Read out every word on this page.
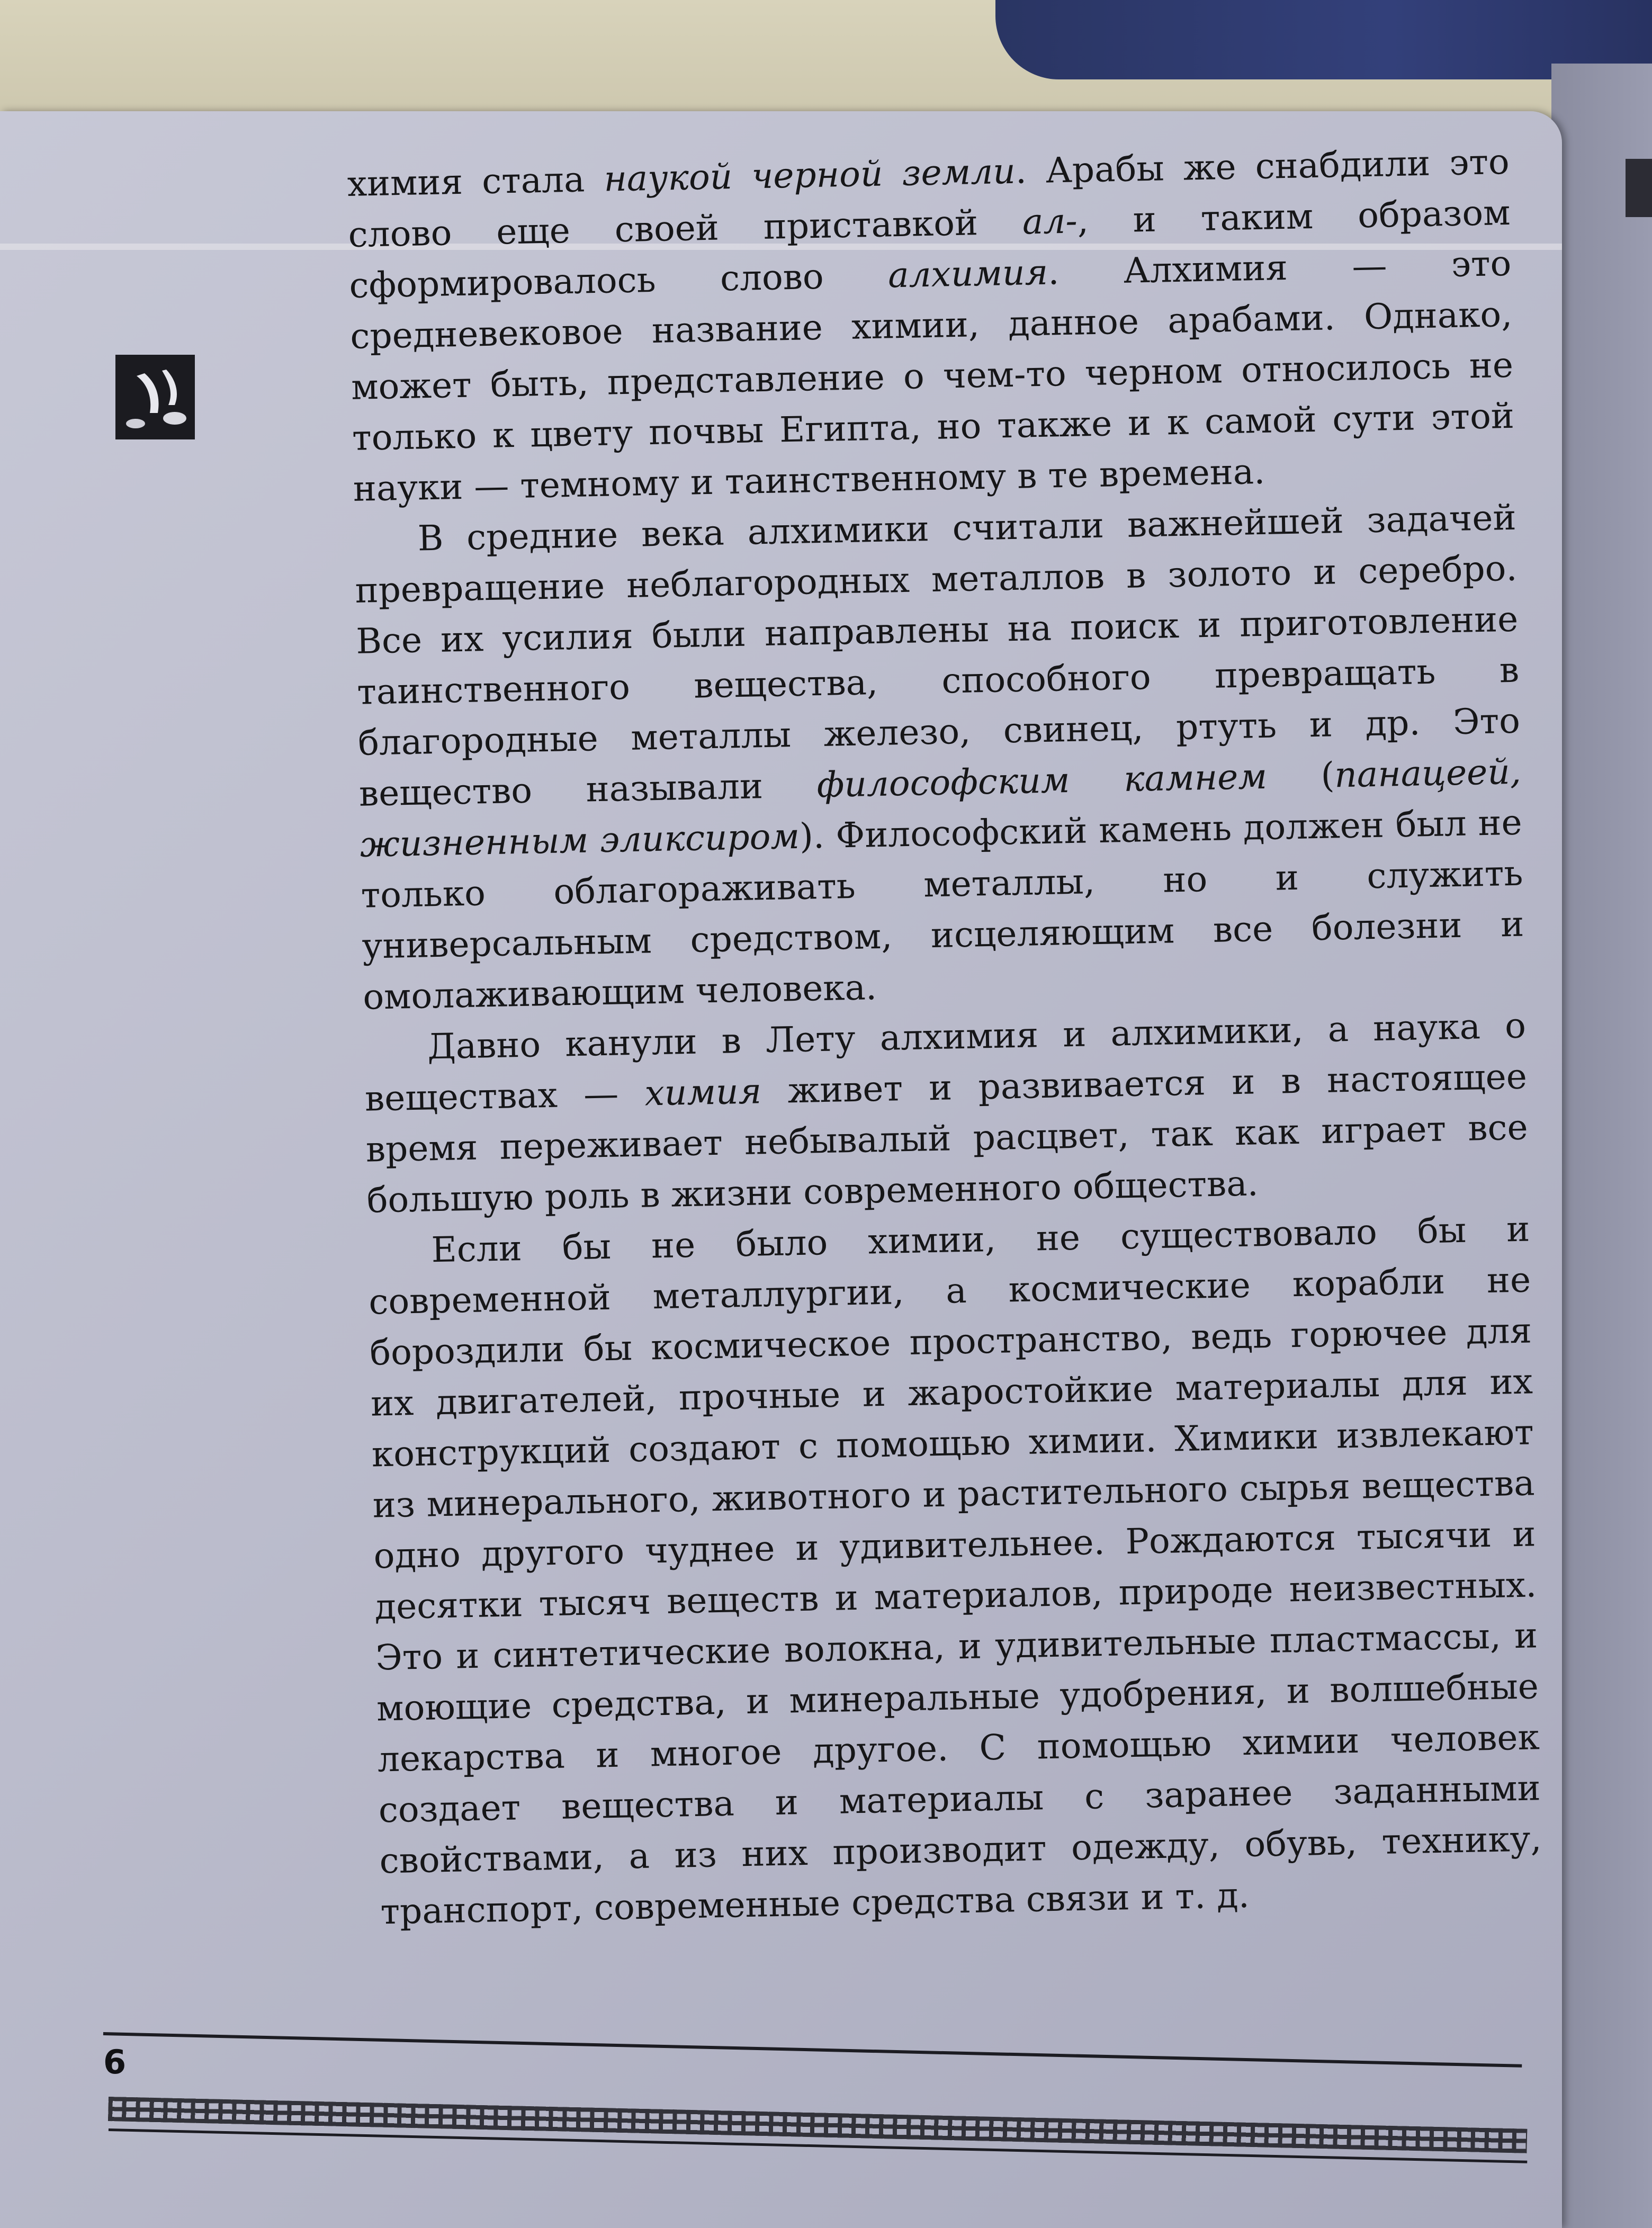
химия стала наукой черной земли. Арабы же снабдили это слово еще своей приставкой ал-, и таким образом сформировалось слово алхимия. Алхимия — это средневековое название химии, данное арабами. Однако, может быть, представление о чем-то черном относилось не только к цвету почвы Египта, но также и к самой сути этой науки — темному и таинственному в те времена.

В средние века алхимики считали важнейшей задачей превращение неблагородных металлов в золото и серебро. Все их усилия были направлены на поиск и приготовление таинственного вещества, способного превращать в благородные металлы железо, свинец, ртуть и др. Это вещество называли философским камнем (панацеей, жизненным эликсиром). Философский камень должен был не только облагораживать металлы, но и служить универсальным средством, исцеляющим все болезни и омолаживающим человека.

Давно канули в Лету алхимия и алхимики, а наука о веществах — химия живет и развивается и в настоящее время переживает небывалый расцвет, так как играет все большую роль в жизни современного общества.

Если бы не было химии, не существовало бы и современной металлургии, а космические корабли не бороздили бы космическое пространство, ведь горючее для их двигателей, прочные и жаростойкие материалы для их конструкций создают с помощью химии. Химики извлекают из минерального, животного и растительного сырья вещества одно другого чуднее и удивительнее. Рождаются тысячи и десятки тысяч веществ и материалов, природе неизвестных. Это и синтетические волокна, и удивительные пластмассы, и моющие средства, и минеральные удобрения, и волшебные лекарства и многое другое. С помощью химии человек создает вещества и материалы с заранее заданными свойствами, а из них производит одежду, обувь, технику, транспорт, современные средства связи и т. д.

6
